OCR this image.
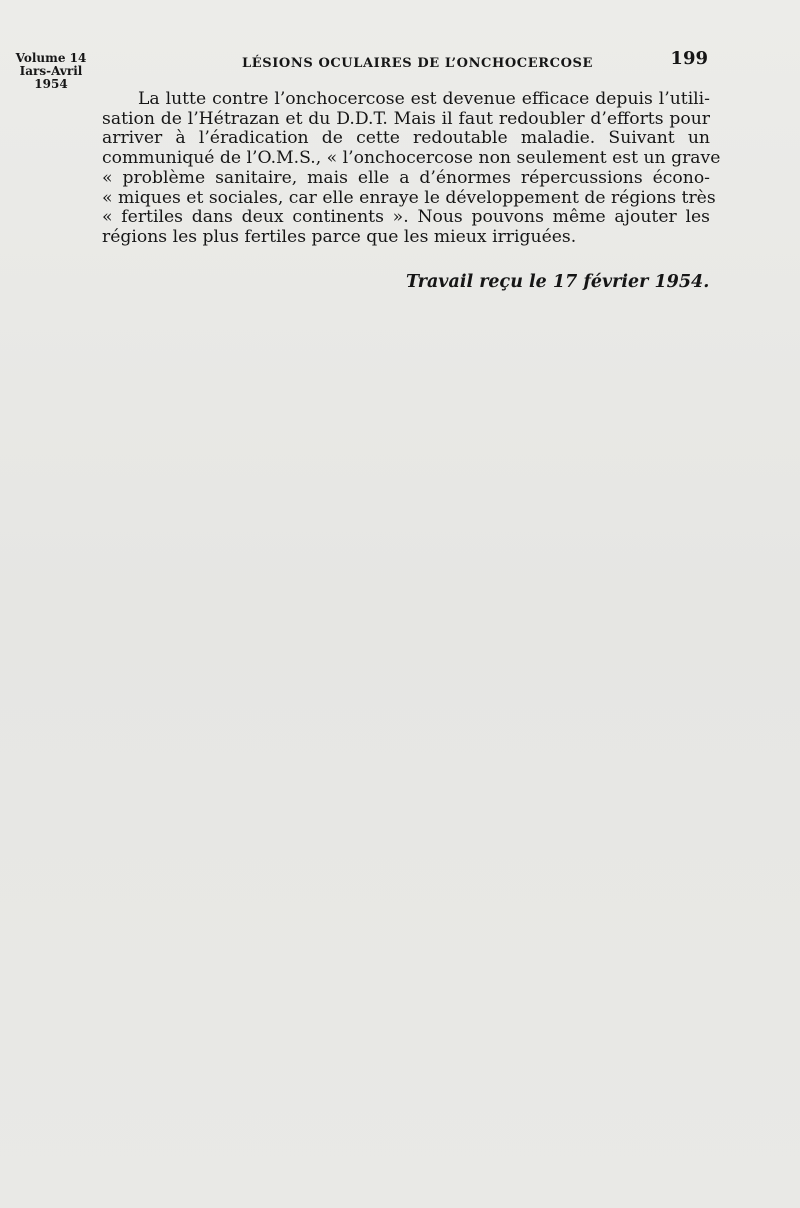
Volume 14
Iars-Avril 1954
LÉSIONS OCULAIRES DE L’ONCHOCERCOSE	199
La lutte contre l’onchocercose est devenue efficace depuis l’utili-
sation de l’Hétrazan et du D.D.T. Mais il faut redoubler d’efforts pour
arriver à l’éradication de cette redoutable maladie. Suivant un
communiqué de l’O.M.S., « l’onchocercose non seulement est un grave
« problème sanitaire, mais elle a d’énormes répercussions écono-
« miques et sociales, car elle enraye le développement de régions très
« fertiles dans deux continents ». Nous pouvons même ajouter les
régions les plus fertiles parce que les mieux irriguées.
Travail reçu le 17 février 1954.
